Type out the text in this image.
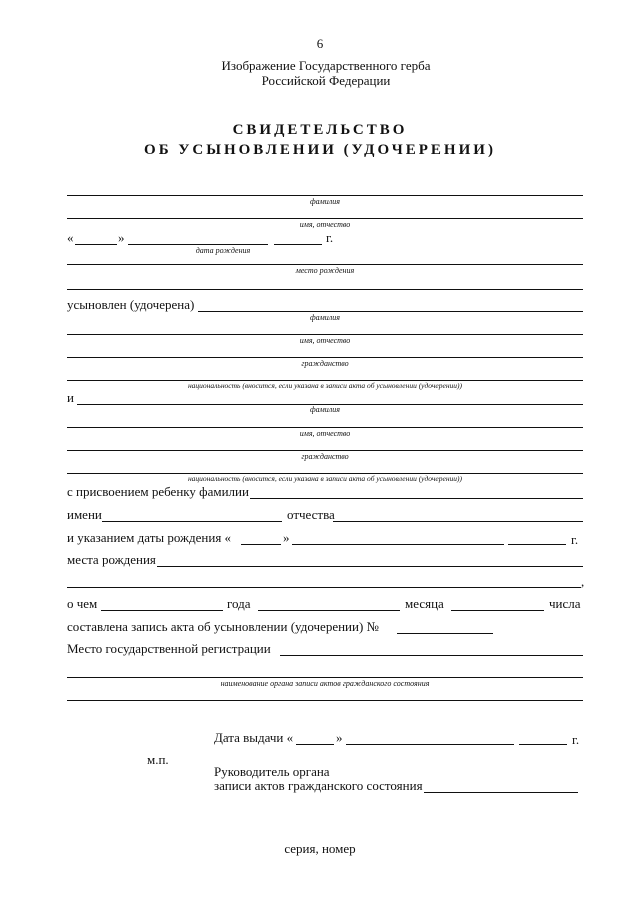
6
Изображение Государственного герба
Российской Федерации
СВИДЕТЕЛЬСТВО
ОБ УСЫНОВЛЕНИИ (УДОЧЕРЕНИИ)
фамилия
имя, отчество
«	»	г.
дата рождения
место рождения
усыновлен (удочерена)
фамилия
имя, отчество
гражданство
национальность (вносится, если указана в записи акта об усыновлении (удочерении))
и
фамилия
имя, отчество
гражданство
национальность (вносится, если указана в записи акта об усыновлении (удочерении))
с присвоением ребенку фамилии
имени	отчества
и указанием даты рождения «	»	г.
места рождения
,
о чем	года	месяца	числа
составлена запись акта об усыновлении (удочерении) №
Место государственной регистрации
наименование органа записи актов гражданского состояния
Дата выдачи «	»	г.
м.п.
Руководитель органа
записи актов гражданского состояния
серия, номер
